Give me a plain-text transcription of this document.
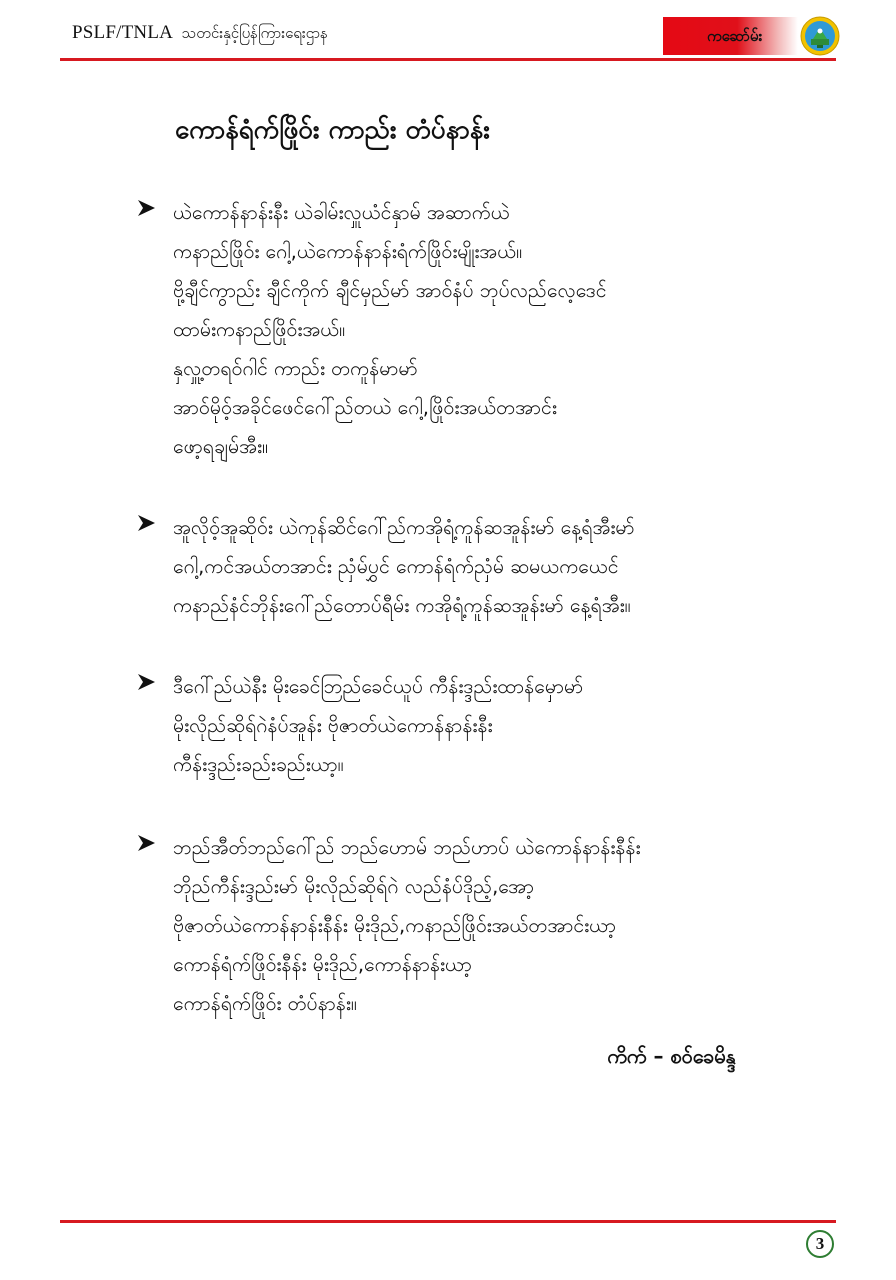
PSLF/TNLA သတင်းနှင့်ပြန်ကြားရေးဌာန	ကဆော်မ်း
ကောန်ရံက်ဖြိုဝ်း ကာည်း တံပ်နာန်း
ယဲကောန်နာန်းနီး ယဲခါမ်းလှူယံင်နှာမ် အဆာက်ယဲ
ကနာည်ဖြိုဝ်း ဂေါ့,ယဲကောန်နာန်းရံက်ဖြိုဝ်းမျိုးအယ်။
ဗို့ချီင်ကွာည်း ချီင်ကိုက် ချီင်မှည်မာ် အာဝ်နံပ် ဘုပ်လည်လေ့ဒေင်
ထာမ်းကနာည်ဖြိုဝ်းအယ်။
နှလှူ့တရဝ်ဂါင် ကာည်း တကူန်မာမာ်
အာဝ်မိုဝ့်အခိုင်ဖေင်ဂေါ်ည်တယဲ ဂေါ့,ဖြိုဝ်းအယ်တအာင်း
ဖော့ရချမ်အီး။
အူလိုဝ့်အူဆိုဝ်း ယဲကုန်ဆိင်ဂေါ်ည်ကအိုရံ့ကူန်ဆအူန်းမာ် နေ့ရံအီးမာ်
ဂေါ့,ကင်အယ်တအာင်း ညှံမ်ပွှင် ကောန်ရံက်ညှံမ် ဆမယကယေင်
ကနာည်နံင်ဘိုန်းဂေါ်ည်တောပ်ရီမ်း ကအိုရံ့ကူန်ဆအူန်းမာ် နေ့ရံအီး။
ဒီဂေါ်ည်ယဲနီး မိုးခေင်ဘြည်ခေင်ယူပ် ကီန်းဒ္ဒည်းထာန်မှောမာ်
မိုးလိုည်ဆိုရ်ဂဲနံပ်အူန်း ဗိုဇာတ်ယဲကောန်နာန်းနီး
ကီန်းဒ္ဒည်းခည်းခည်းယာ့။
ဘည်အီတ်ဘည်ဂေါ်ည် ဘည်ဟောမ် ဘည်ဟာပ် ယဲကောန်နာန်းနီန်း
ဘိုည်ကီန်းဒ္ဒည်းမာ် မိုးလိုည်ဆိုရ်ဂဲ လည်နံပ်ဒိုည့်,အော့
ဗိုဇာတ်ယဲကောန်နာန်းနီန်း မိုးဒိုည်,ကနာည်ဖြိုဝ်းအယ်တအာင်းယာ့
ကောန်ရံက်ဖြိုဝ်းနီန်း မိုးဒိုည်,ကောန်နာန်းယာ့
ကောန်ရံက်ဖြိုဝ်း တံပ်နာန်း။
ကိက် – စဝ်ခေမိန္ဒ
3
